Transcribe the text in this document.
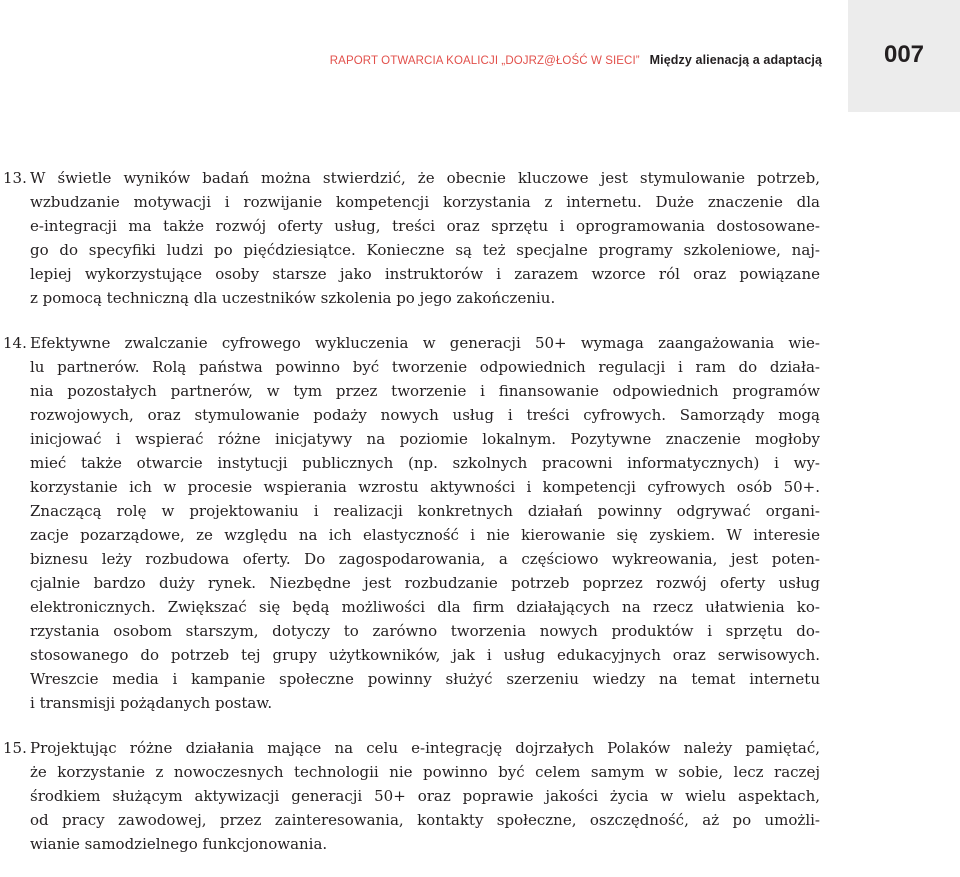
RAPORT OTWARCIA KOALICJI „DOJRZ@ŁOŚĆ W SIECI” Między alienacją a adaptacją	007
13. W świetle wyników badań można stwierdzić, że obecnie kluczowe jest stymulowanie potrzeb,
wzbudzanie motywacji i rozwijanie kompetencji korzystania z internetu. Duże znaczenie dla
e-integracji ma także rozwój oferty usług, treści oraz sprzętu i oprogramowania dostosowane-
go do specyfiki ludzi po pięćdziesiątce. Konieczne są też specjalne programy szkoleniowe, naj-
lepiej wykorzystujące osoby starsze jako instruktorów i zarazem wzorce ról oraz powiązane
z pomocą techniczną dla uczestników szkolenia po jego zakończeniu.
14. Efektywne zwalczanie cyfrowego wykluczenia w generacji 50+ wymaga zaangażowania wie-
lu partnerów. Rolą państwa powinno być tworzenie odpowiednich regulacji i ram do działa-
nia pozostałych partnerów, w tym przez tworzenie i finansowanie odpowiednich programów
rozwojowych, oraz stymulowanie podaży nowych usług i treści cyfrowych. Samorządy mogą
inicjować i wspierać różne inicjatywy na poziomie lokalnym. Pozytywne znaczenie mogłoby
mieć także otwarcie instytucji publicznych (np. szkolnych pracowni informatycznych) i wy-
korzystanie ich w procesie wspierania wzrostu aktywności i kompetencji cyfrowych osób 50+.
Znaczącą rolę w projektowaniu i realizacji konkretnych działań powinny odgrywać organi-
zacje pozarządowe, ze względu na ich elastyczność i nie kierowanie się zyskiem. W interesie
biznesu leży rozbudowa oferty. Do zagospodarowania, a częściowo wykreowania, jest poten-
cjalnie bardzo duży rynek. Niezbędne jest rozbudzanie potrzeb poprzez rozwój oferty usług
elektronicznych. Zwiększać się będą możliwości dla firm działających na rzecz ułatwienia ko-
rzystania osobom starszym, dotyczy to zarówno tworzenia nowych produktów i sprzętu do-
stosowanego do potrzeb tej grupy użytkowników, jak i usług edukacyjnych oraz serwisowych.
Wreszcie media i kampanie społeczne powinny służyć szerzeniu wiedzy na temat internetu
i transmisji pożądanych postaw.
15. Projektując różne działania mające na celu e-integrację dojrzałych Polaków należy pamiętać,
że korzystanie z nowoczesnych technologii nie powinno być celem samym w sobie, lecz raczej
środkiem służącym aktywizacji generacji 50+ oraz poprawie jakości życia w wielu aspektach,
od pracy zawodowej, przez zainteresowania, kontakty społeczne, oszczędność, aż po umożli-
wianie samodzielnego funkcjonowania.
